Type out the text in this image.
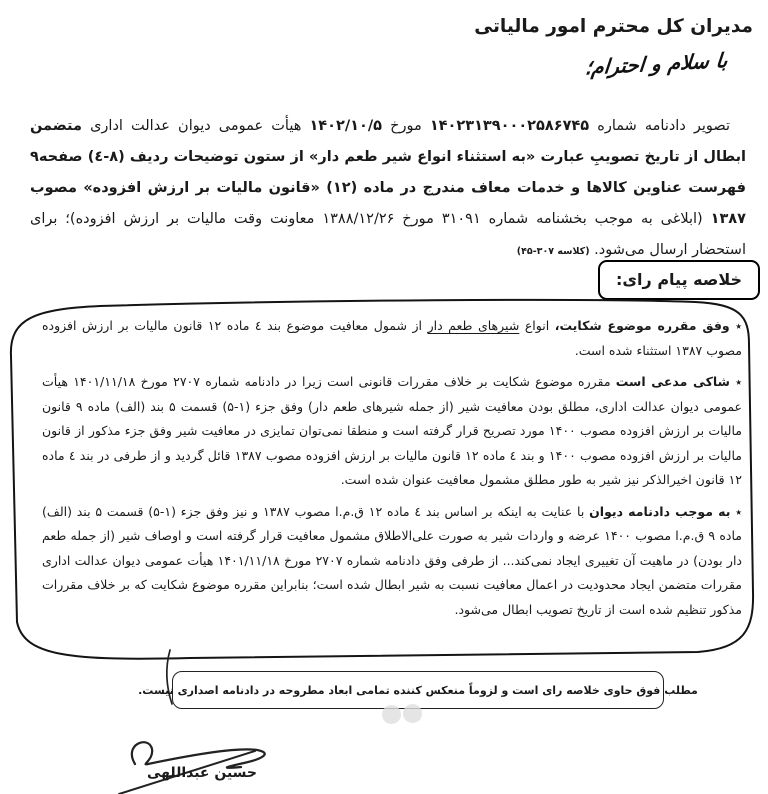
مدیران کل محترم امور مالیاتی
با سلام و احترام؛

تصویر دادنامه شماره ۱۴۰۲۳۱۳۹۰۰۰۲۵۸۶۷۴۵ مورخ ۱۴۰۲/۱۰/۵ هیأت عمومی دیوان عدالت اداری متضمن ابطال از تاریخ تصویبِ عبارت «به استثناء انواع شیر طعم دار» از ستون توضیحات ردیف (۸-٤) صفحه۹ فهرست عناوین کالاها و خدمات معاف مندرج در ماده (۱۲) «قانون مالیات بر ارزش افزوده» مصوب ۱۳۸۷ (ابلاغی به موجب بخشنامه شماره ۳۱۰۹۱ مورخ ۱۳۸۸/۱۲/۲۶ معاونت وقت مالیات بر ارزش افزوده)؛ برای استحضار ارسال می‌شود. (کلاسه ۳۰۷-۴۵)

خلاصه پیام رای:

٭ وفق مقرره موضوع شکایت، انواع شیرهای طعم دار از شمول معافیت موضوع بند ٤ ماده ۱۲ قانون مالیات بر ارزش افزوده مصوب ۱۳۸۷ استثناء شده است.

٭ شاکی مدعی است مقرره موضوع شکایت بر خلاف مقررات قانونی است زیرا در دادنامه شماره ۲۷۰۷ مورخ ۱۴۰۱/۱۱/۱۸ هیأت عمومی دیوان عدالت اداری، مطلق بودن معافیت شیر (از جمله شیرهای طعم دار) وفق جزء (۱-۵) قسمت ۵ بند (الف) ماده ۹ قانون مالیات بر ارزش افزوده مصوب ۱۴۰۰ مورد تصریح قرار گرفته است و منطقا نمی‌توان تمایزی در معافیت شیر وفق جزء مذکور از قانون مالیات بر ارزش افزوده مصوب ۱۴۰۰ و بند ٤ ماده ۱۲ قانون مالیات بر ارزش افزوده مصوب ۱۳۸۷ قائل گردید و از طرفی در بند ٤ ماده ۱۲ قانون اخیرالذکر نیز شیر به طور مطلق مشمول معافیت عنوان شده است.

٭ به موجب دادنامه دیوان با عنایت به اینکه بر اساس بند ٤ ماده ۱۲ ق.م.ا مصوب ۱۳۸۷ و نیز وفق جزء (۱-۵) قسمت ۵ بند (الف) ماده ۹ ق.م.ا مصوب ۱۴۰۰ عرضه و واردات شیر به صورت علی‌الاطلاق مشمول معافیت قرار گرفته است و اوصاف شیر (از جمله طعم دار بودن) در ماهیت آن تغییری ایجاد نمی‌کند... از طرفی وفق دادنامه شماره ۲۷۰۷ مورخ ۱۴۰۱/۱۱/۱۸ هیأت عمومی دیوان عدالت اداری مقررات متضمن ایجاد محدودیت در اعمال معافیت نسبت به شیر ابطال شده است؛ بنابراین مقرره موضوع شکایت که بر خلاف مقررات مذکور تنظیم شده است از تاریخ تصویب ابطال می‌شود.

مطلب فوق حاوی خلاصه رای است و لزوماً منعکس کننده تمامی ابعاد مطروحه در دادنامه اصداری نیست.
حسین عبداللهی
